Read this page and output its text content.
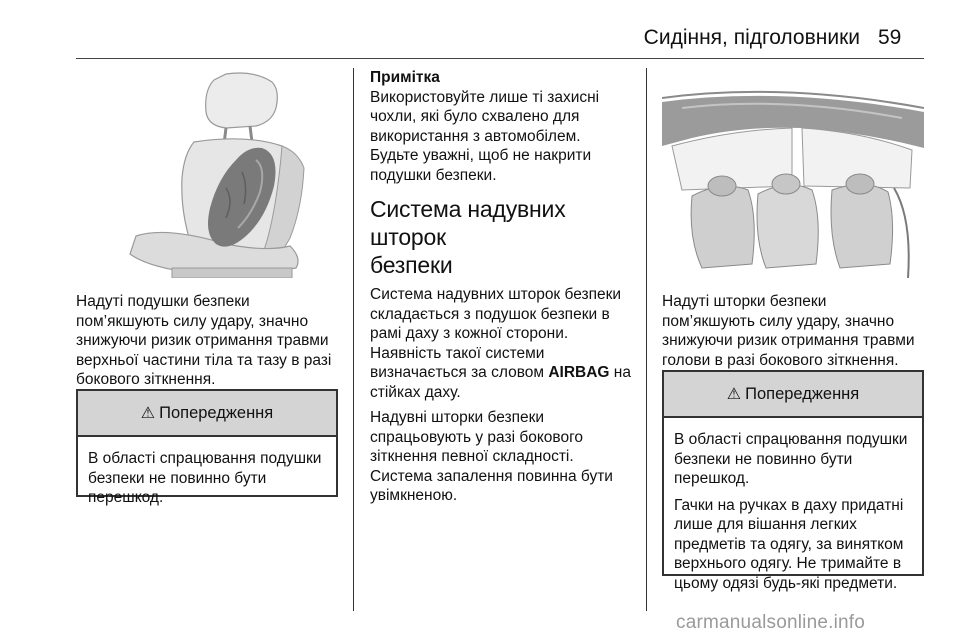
Сидіння, підголовники 59

Надуті подушки безпеки

пом’якшують силу удару, значно

знижуючи ризик отримання травми

верхньої частини тіла та тазу в разі

бокового зіткнення.

⚠ Попередження

В області спрацювання подушки
безпеки не повинно бути
перешкод.

Примітка

Використовуйте лише ті захисні

чохли, які було схвалено для

використання з автомобілем.

Будьте уважні, щоб не накрити

подушки безпеки.

Система надувних шторок
безпеки

Система надувних шторок безпеки

складається з подушок безпеки в

рамі даху з кожної сторони.

Наявність такої системи

визначається за словом AIRBAG на

стійках даху.

Надувні шторки безпеки

спрацьовують у разі бокового

зіткнення певної складності.

Система запалення повинна бути

увімкненою.

Надуті шторки безпеки

пом’якшують силу удару, значно

знижуючи ризик отримання травми

голови в разі бокового зіткнення.

⚠ Попередження

В області спрацювання подушки
безпеки не повинно бути
перешкод.

Гачки на ручках в даху придатні
лише для вішання легких
предметів та одягу, за винятком
верхнього одягу. Не тримайте в
цьому одязі будь-які предмети.

carmanualsonline.info
